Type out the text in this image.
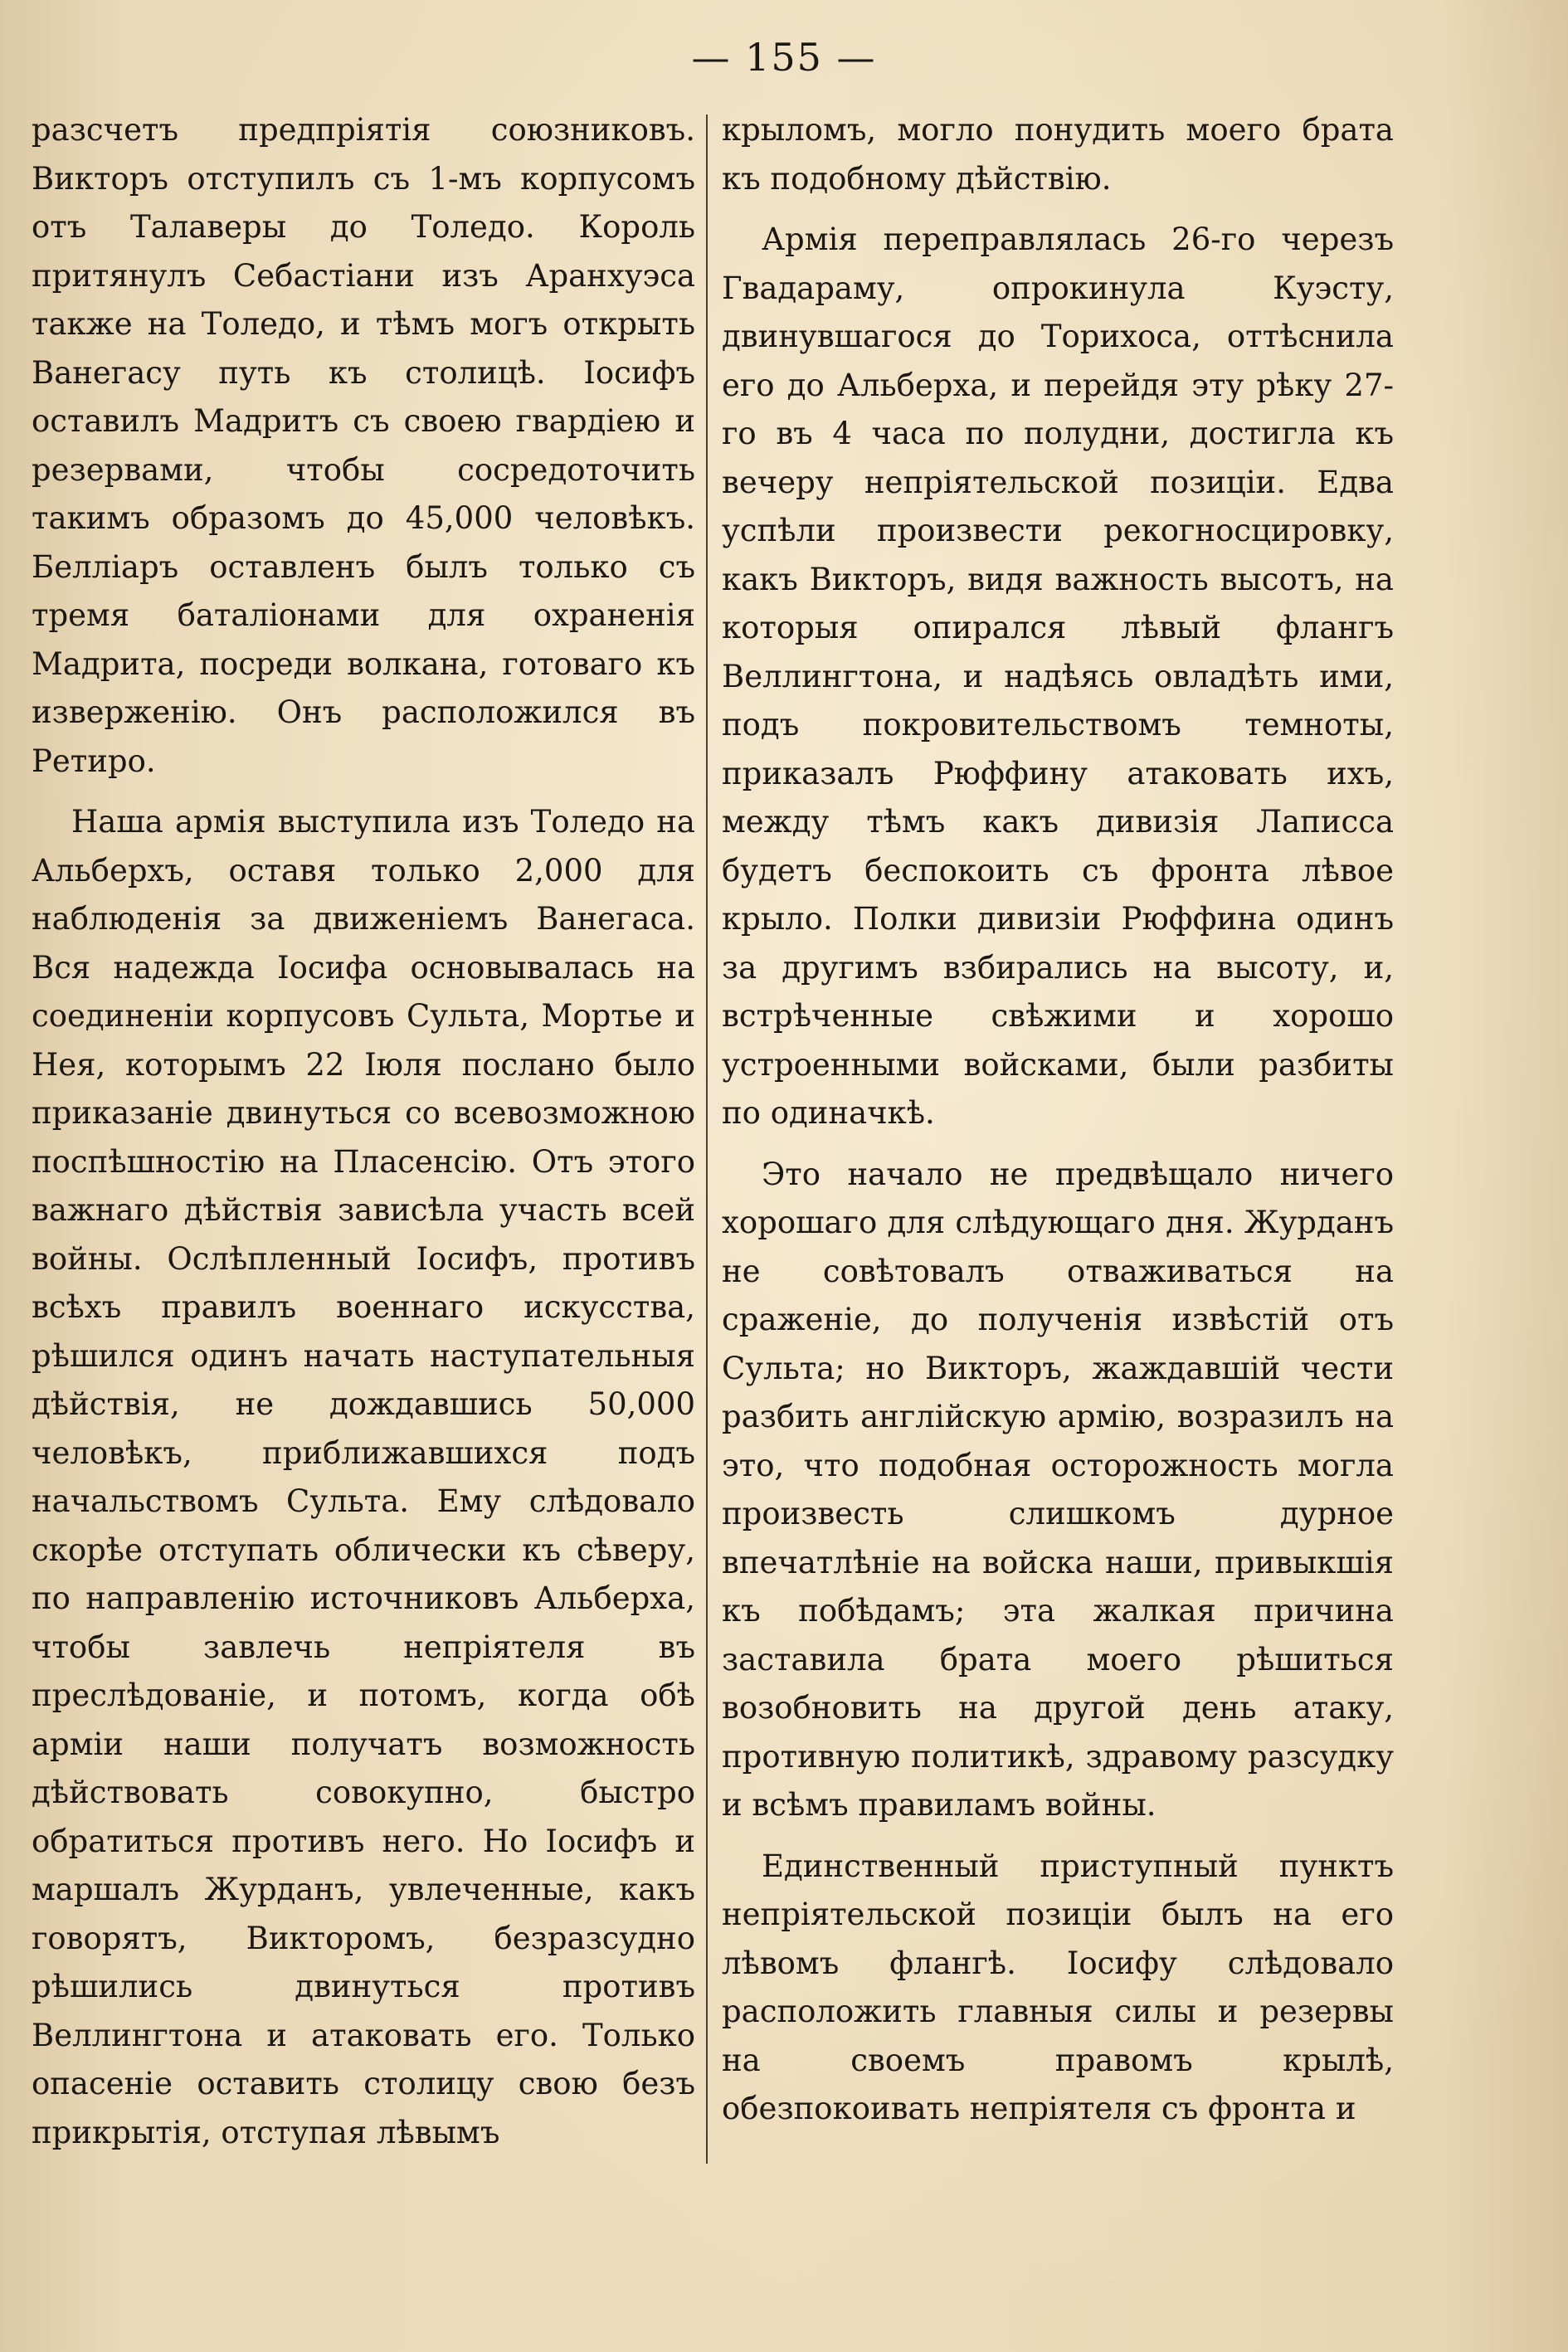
— 155 —

разсчетъ предпріятія союзниковъ. Викторъ отступилъ съ 1-мъ корпусомъ отъ Талаверы до Толедо. Король притянулъ Себастіани изъ Аранхуэса также на Толедо, и тѣмъ могъ открыть Ванегасу путь къ столицѣ. Іосифъ оставилъ Мадритъ съ своею гвардіею и резервами, чтобы сосредоточить такимъ образомъ до 45,000 человѣкъ. Белліаръ оставленъ былъ только съ тремя баталіонами для охраненія Мадрита, посреди волкана, готоваго къ изверженію. Онъ расположился въ Ретиро.

Наша армія выступила изъ Толедо на Альберхъ, оставя только 2,000 для наблюденія за движеніемъ Ванегаса. Вся надежда Іосифа основывалась на соединеніи корпусовъ Сульта, Мортье и Нея, которымъ 22 Іюля послано было приказаніе двинуться со всевозможною поспѣшностію на Пласенсію. Отъ этого важнаго дѣйствія зависѣла участь всей войны. Ослѣпленный Іосифъ, противъ всѣхъ правилъ военнаго искусства, рѣшился одинъ начать наступательныя дѣйствія, не дождавшись 50,000 человѣкъ, приближавшихся подъ начальствомъ Сульта. Ему слѣдовало скорѣе отступать облически къ сѣверу, по направленію источниковъ Альберха, чтобы завлечь непріятеля въ преслѣдованіе, и потомъ, когда обѣ арміи наши получатъ возможность дѣйствовать совокупно, быстро обратиться противъ него. Но Іосифъ и маршалъ Журданъ, увлеченные, какъ говорятъ, Викторомъ, безразсудно рѣшились двинуться противъ Веллингтона и атаковать его. Только опасеніе оставить столицу свою безъ прикрытія, отступая лѣвымъ

крыломъ, могло понудить моего брата къ подобному дѣйствію.

Армія переправлялась 26-го черезъ Гвадараму, опрокинула Куэсту, двинувшагося до Торихоса, оттѣснила его до Альберха, и перейдя эту рѣку 27-го въ 4 часа по полудни, достигла къ вечеру непріятельской позиціи. Едва успѣли произвести рекогносцировку, какъ Викторъ, видя важность высотъ, на которыя опирался лѣвый флангъ Веллингтона, и надѣясь овладѣть ими, подъ покровительствомъ темноты, приказалъ Рюффину атаковать ихъ, между тѣмъ какъ дивизія Лаписса будетъ беспокоить съ фронта лѣвое крыло. Полки дивизіи Рюффина одинъ за другимъ взбирались на высоту, и, встрѣченные свѣжими и хорошо устроенными войсками, были разбиты по одиначкѣ.

Это начало не предвѣщало ничего хорошаго для слѣдующаго дня. Журданъ не совѣтовалъ отваживаться на сраженіе, до полученія извѣстій отъ Сульта; но Викторъ, жаждавшій чести разбить англійскую армію, возразилъ на это, что подобная осторожность могла произвесть слишкомъ дурное впечатлѣніе на войска наши, привыкшія къ побѣдамъ; эта жалкая причина заставила брата моего рѣшиться возобновить на другой день атаку, противную политикѣ, здравому разсудку и всѣмъ правиламъ войны.

Единственный приступный пунктъ непріятельской позиціи былъ на его лѣвомъ флангѣ. Іосифу слѣдовало расположить главныя силы и резервы на своемъ правомъ крылѣ, обезпокоивать непріятеля съ фронта и
